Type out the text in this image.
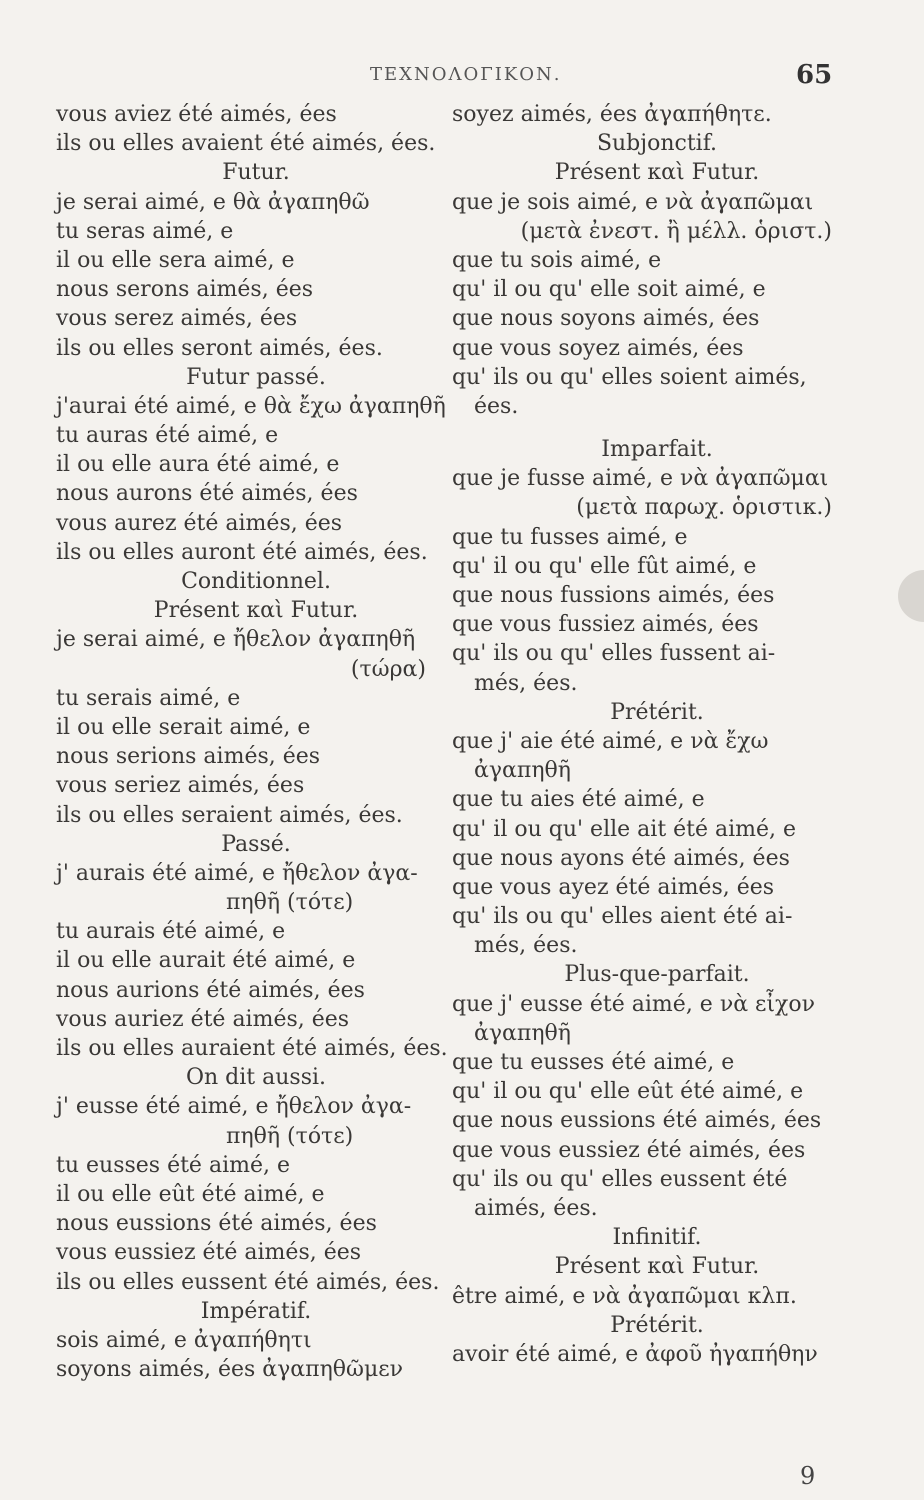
ΤΕΧΝΟΛΟΓΙΚΟΝ.	65
vous aviez été aimés, ées
ils ou elles avaient été aimés, ées.
Futur.
je serai aimé, e θὰ ἀγαπηθῶ
tu seras aimé, e
il ou elle sera aimé, e
nous serons aimés, ées
vous serez aimés, ées
ils ou elles seront aimés, ées.
Futur passé.
j'aurai été aimé, e θὰ ἔχω ἀγαπηθῆ
tu auras été aimé, e
il ou elle aura été aimé, e
nous aurons été aimés, ées
vous aurez été aimés, ées
ils ou elles auront été aimés, ées.
Conditionnel.
Présent καὶ Futur.
je serai aimé, e ἤθελον ἀγαπηθῆ
(τώρα)
tu serais aimé, e
il ou elle serait aimé, e
nous serions aimés, ées
vous seriez aimés, ées
ils ou elles seraient aimés, ées.
Passé.
j' aurais été aimé, e ἤθελον ἀγα-
πηθῆ (τότε)
tu aurais été aimé, e
il ou elle aurait été aimé, e
nous aurions été aimés, ées
vous auriez été aimés, ées
ils ou elles auraient été aimés, ées.
On dit aussi.
j' eusse été aimé, e ἤθελον ἀγα-
πηθῆ (τότε)
tu eusses été aimé, e
il ou elle eût été aimé, e
nous eussions été aimés, ées
vous eussiez été aimés, ées
ils ou elles eussent été aimés, ées.
Impératif.
sois aimé, e ἀγαπήθητι
soyons aimés, ées ἀγαπηθῶμεν
soyez aimés, ées ἀγαπήθητε.
Subjonctif.
Présent καὶ Futur.
que je sois aimé, e νὰ ἀγαπῶμαι
(μετὰ ἐνεστ. ἢ μέλλ. ὁριστ.)
que tu sois aimé, e
qu' il ou qu' elle soit aimé, e
que nous soyons aimés, ées
que vous soyez aimés, ées
qu' ils ou qu' elles soient aimés,
ées.
Imparfait.
que je fusse aimé, e νὰ ἀγαπῶμαι
(μετὰ παρωχ. ὁριστικ.)
que tu fusses aimé, e
qu' il ou qu' elle fût aimé, e
que nous fussions aimés, ées
que vous fussiez aimés, ées
qu' ils ou qu' elles fussent ai-
més, ées.
Prétérit.
que j' aie été aimé, e νὰ ἔχω
ἀγαπηθῆ
que tu aies été aimé, e
qu' il ou qu' elle ait été aimé, e
que nous ayons été aimés, ées
que vous ayez été aimés, ées
qu' ils ou qu' elles aient été ai-
més, ées.
Plus-que-parfait.
que j' eusse été aimé, e νὰ εἶχον
ἀγαπηθῆ
que tu eusses été aimé, e
qu' il ou qu' elle eût été aimé, e
que nous eussions été aimés, ées
que vous eussiez été aimés, ées
qu' ils ou qu' elles eussent été
aimés, ées.
Infinitif.
Présent καὶ Futur.
être aimé, e νὰ ἀγαπῶμαι κλπ.
Prétérit.
avoir été aimé, e ἀφοῦ ἠγαπήθην
9
